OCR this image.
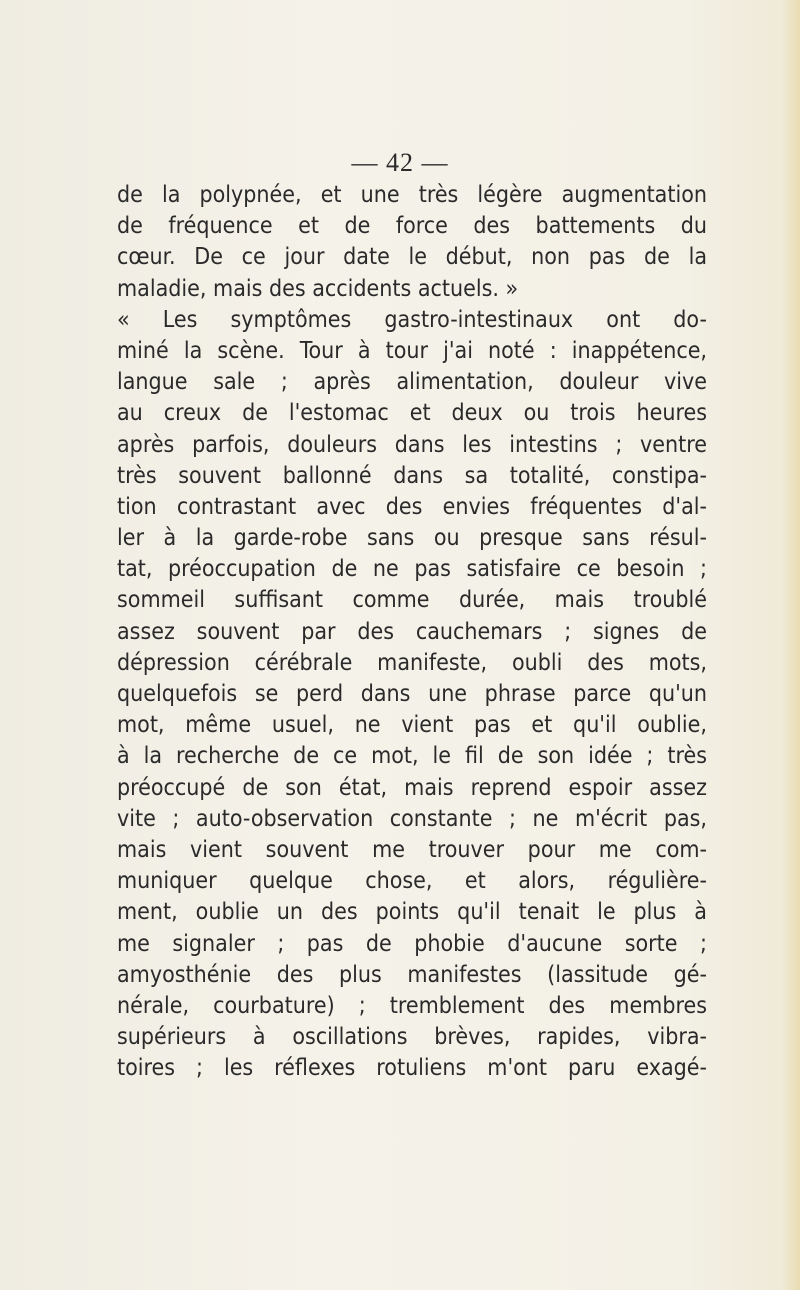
— 42 —
de la polypnée, et une très légère augmentation
de fréquence et de force des battements du
cœur. De ce jour date le début, non pas de la
maladie, mais des accidents actuels. »
« Les symptômes gastro-intestinaux ont do-
miné la scène. Tour à tour j'ai noté : inappétence,
langue sale ; après alimentation, douleur vive
au creux de l'estomac et deux ou trois heures
après parfois, douleurs dans les intestins ; ventre
très souvent ballonné dans sa totalité, constipa-
tion contrastant avec des envies fréquentes d'al-
ler à la garde-robe sans ou presque sans résul-
tat, préoccupation de ne pas satisfaire ce besoin ;
sommeil suffisant comme durée, mais troublé
assez souvent par des cauchemars ; signes de
dépression cérébrale manifeste, oubli des mots,
quelquefois se perd dans une phrase parce qu'un
mot, même usuel, ne vient pas et qu'il oublie,
à la recherche de ce mot, le fil de son idée ; très
préoccupé de son état, mais reprend espoir assez
vite ; auto-observation constante ; ne m'écrit pas,
mais vient souvent me trouver pour me com-
muniquer quelque chose, et alors, régulière-
ment, oublie un des points qu'il tenait le plus à
me signaler ; pas de phobie d'aucune sorte ;
amyosthénie des plus manifestes (lassitude gé-
nérale, courbature) ; tremblement des membres
supérieurs à oscillations brèves, rapides, vibra-
toires ; les réflexes rotuliens m'ont paru exagé-
